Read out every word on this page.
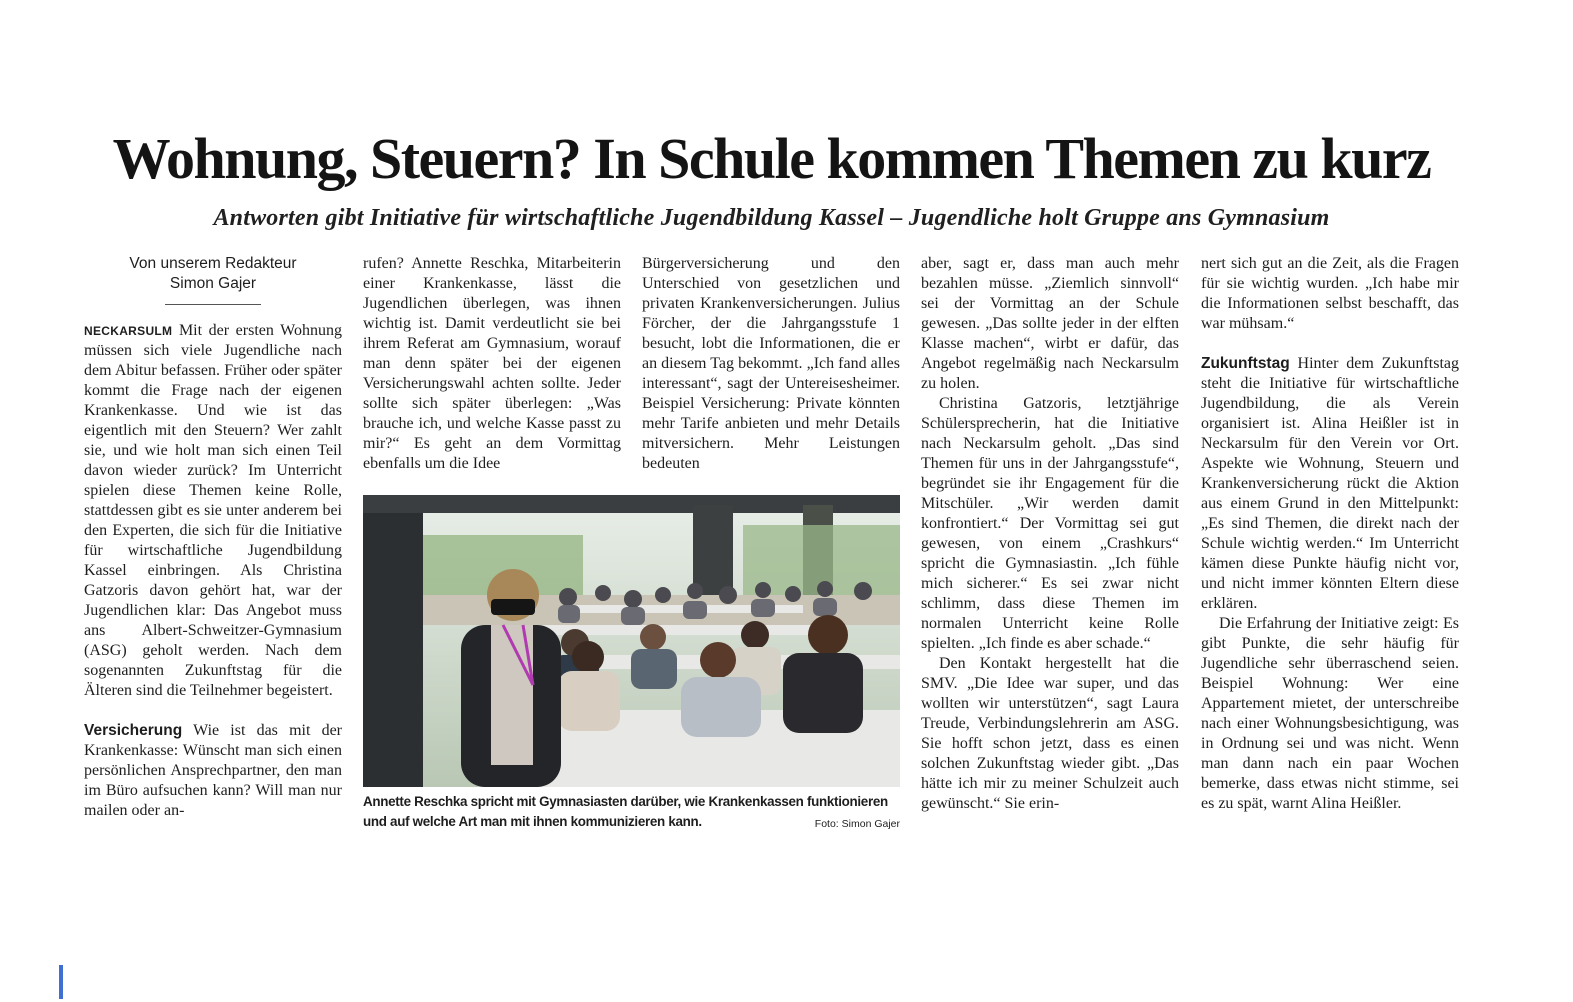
Wohnung, Steuern? In Schule kommen Themen zu kurz
Antworten gibt Initiative für wirtschaftliche Jugendbildung Kassel – Jugendliche holt Gruppe ans Gymnasium
Von unserem Redakteur
Simon Gajer

NECKARSULM Mit der ersten Wohnung müssen sich viele Jugendliche nach dem Abitur befassen. Früher oder später kommt die Frage nach der eigenen Krankenkasse. Und wie ist das eigentlich mit den Steuern? Wer zahlt sie, und wie holt man sich einen Teil davon wieder zurück? Im Unterricht spielen diese Themen keine Rolle, stattdessen gibt es sie unter anderem bei den Experten, die sich für die Initiative für wirtschaftliche Jugendbildung Kassel einbringen. Als Christina Gatzoris davon gehört hat, war der Jugendlichen klar: Das Angebot muss ans Albert-Schweitzer-Gymnasium (ASG) geholt werden. Nach dem sogenannten Zukunftstag für die Älteren sind die Teilnehmer begeistert.

Versicherung Wie ist das mit der Krankenkasse: Wünscht man sich einen persönlichen Ansprechpartner, den man im Büro aufsuchen kann? Will man nur mailen oder an-

rufen? Annette Reschka, Mitarbeiterin einer Krankenkasse, lässt die Jugendlichen überlegen, was ihnen wichtig ist. Damit verdeutlicht sie bei ihrem Referat am Gymnasium, worauf man denn später bei der eigenen Versicherungswahl achten sollte. Jeder sollte sich später überlegen: „Was brauche ich, und welche Kasse passt zu mir?“ Es geht an dem Vormittag ebenfalls um die Idee

Bürgerversicherung und den Unterschied von gesetzlichen und privaten Krankenversicherungen. Julius Förcher, der die Jahrgangsstufe 1 besucht, lobt die Informationen, die er an diesem Tag bekommt. „Ich fand alles interessant“, sagt der Untereisesheimer. Beispiel Versicherung: Private könnten mehr Tarife anbieten und mehr Details mitversichern. Mehr Leistungen bedeuten

Annette Reschka spricht mit Gymnasiasten darüber, wie Krankenkassen funktionieren und auf welche Art man mit ihnen kommunizieren kann.	Foto: Simon Gajer

aber, sagt er, dass man auch mehr bezahlen müsse. „Ziemlich sinnvoll“ sei der Vormittag an der Schule gewesen. „Das sollte jeder in der elften Klasse machen“, wirbt er dafür, das Angebot regelmäßig nach Neckarsulm zu holen.

Christina Gatzoris, letztjährige Schülersprecherin, hat die Initiative nach Neckarsulm geholt. „Das sind Themen für uns in der Jahrgangsstufe“, begründet sie ihr Engagement für die Mitschüler. „Wir werden damit konfrontiert.“ Der Vormittag sei gut gewesen, von einem „Crashkurs“ spricht die Gymnasiastin. „Ich fühle mich sicherer.“ Es sei zwar nicht schlimm, dass diese Themen im normalen Unterricht keine Rolle spielten. „Ich finde es aber schade.“

Den Kontakt hergestellt hat die SMV. „Die Idee war super, und das wollten wir unterstützen“, sagt Laura Treude, Verbindungslehrerin am ASG. Sie hofft schon jetzt, dass es einen solchen Zukunftstag wieder gibt. „Das hätte ich mir zu meiner Schulzeit auch gewünscht.“ Sie erin-

nert sich gut an die Zeit, als die Fragen für sie wichtig wurden. „Ich habe mir die Informationen selbst beschafft, das war mühsam.“

Zukunftstag Hinter dem Zukunftstag steht die Initiative für wirtschaftliche Jugendbildung, die als Verein organisiert ist. Alina Heißler ist in Neckarsulm für den Verein vor Ort. Aspekte wie Wohnung, Steuern und Krankenversicherung rückt die Aktion aus einem Grund in den Mittelpunkt: „Es sind Themen, die direkt nach der Schule wichtig werden.“ Im Unterricht kämen diese Punkte häufig nicht vor, und nicht immer könnten Eltern diese erklären.

Die Erfahrung der Initiative zeigt: Es gibt Punkte, die sehr häufig für Jugendliche sehr überraschend seien. Beispiel Wohnung: Wer eine Appartement mietet, der unterschreibe nach einer Wohnungsbesichtigung, was in Ordnung sei und was nicht. Wenn man dann nach ein paar Wochen bemerke, dass etwas nicht stimme, sei es zu spät, warnt Alina Heißler.
